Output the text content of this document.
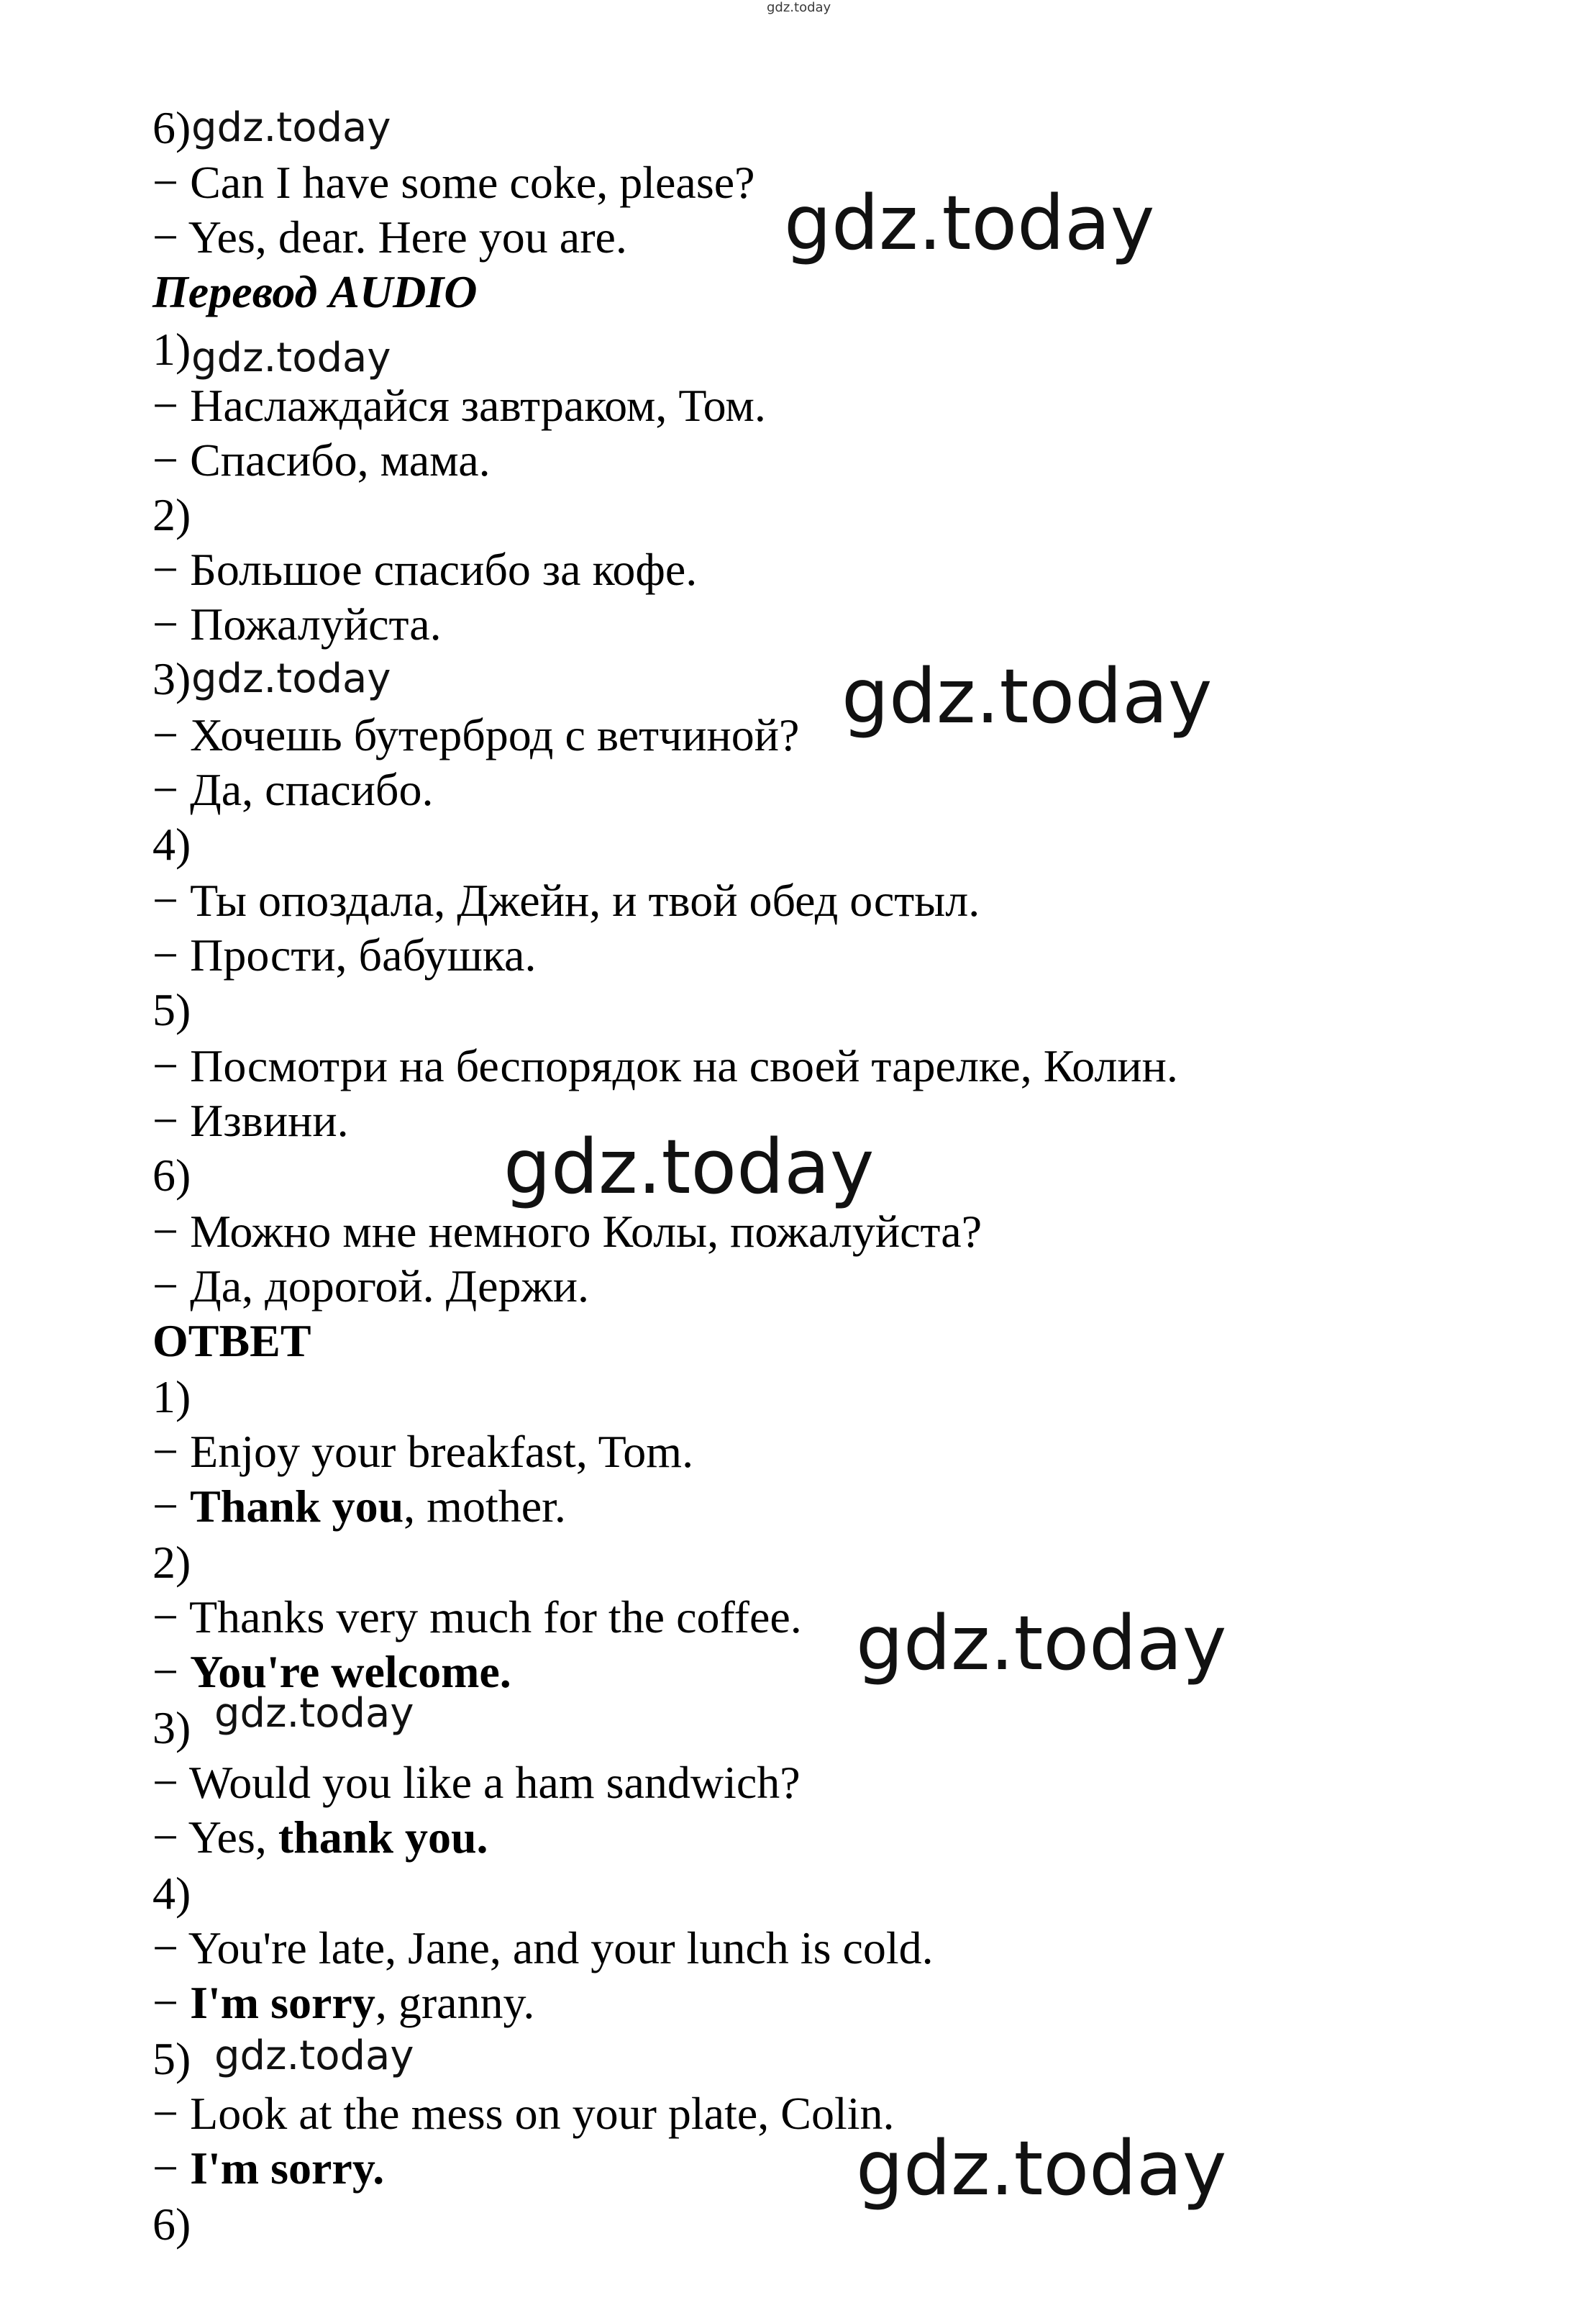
gdz.today
6)
− Can I have some coke, please?
− Yes, dear. Here you are.
Перевод AUDIO
1)
− Наслаждайся завтраком, Том.
− Спасибо, мама.
2)
− Большое спасибо за кофе.
− Пожалуйста.
3)
− Хочешь бутерброд с ветчиной?
− Да, спасибо.
4)
− Ты опоздала, Джейн, и твой обед остыл.
− Прости, бабушка.
5)
− Посмотри на беспорядок на своей тарелке, Колин.
− Извини.
6)
− Можно мне немного Колы, пожалуйста?
− Да, дорогой. Держи.
ОТВЕТ
1)
− Enjoy your breakfast, Tom.
− Thank you, mother.
2)
− Thanks very much for the coffee.
− You're welcome.
3)
− Would you like a ham sandwich?
− Yes, thank you.
4)
− You're late, Jane, and your lunch is cold.
− I'm sorry, granny.
5)
− Look at the mess on your plate, Colin.
− I'm sorry.
6)
gdz.today
gdz.today
gdz.today
gdz.today	gdz.today
gdz.today
gdz.today
gdz.today
gdz.today
gdz.today
